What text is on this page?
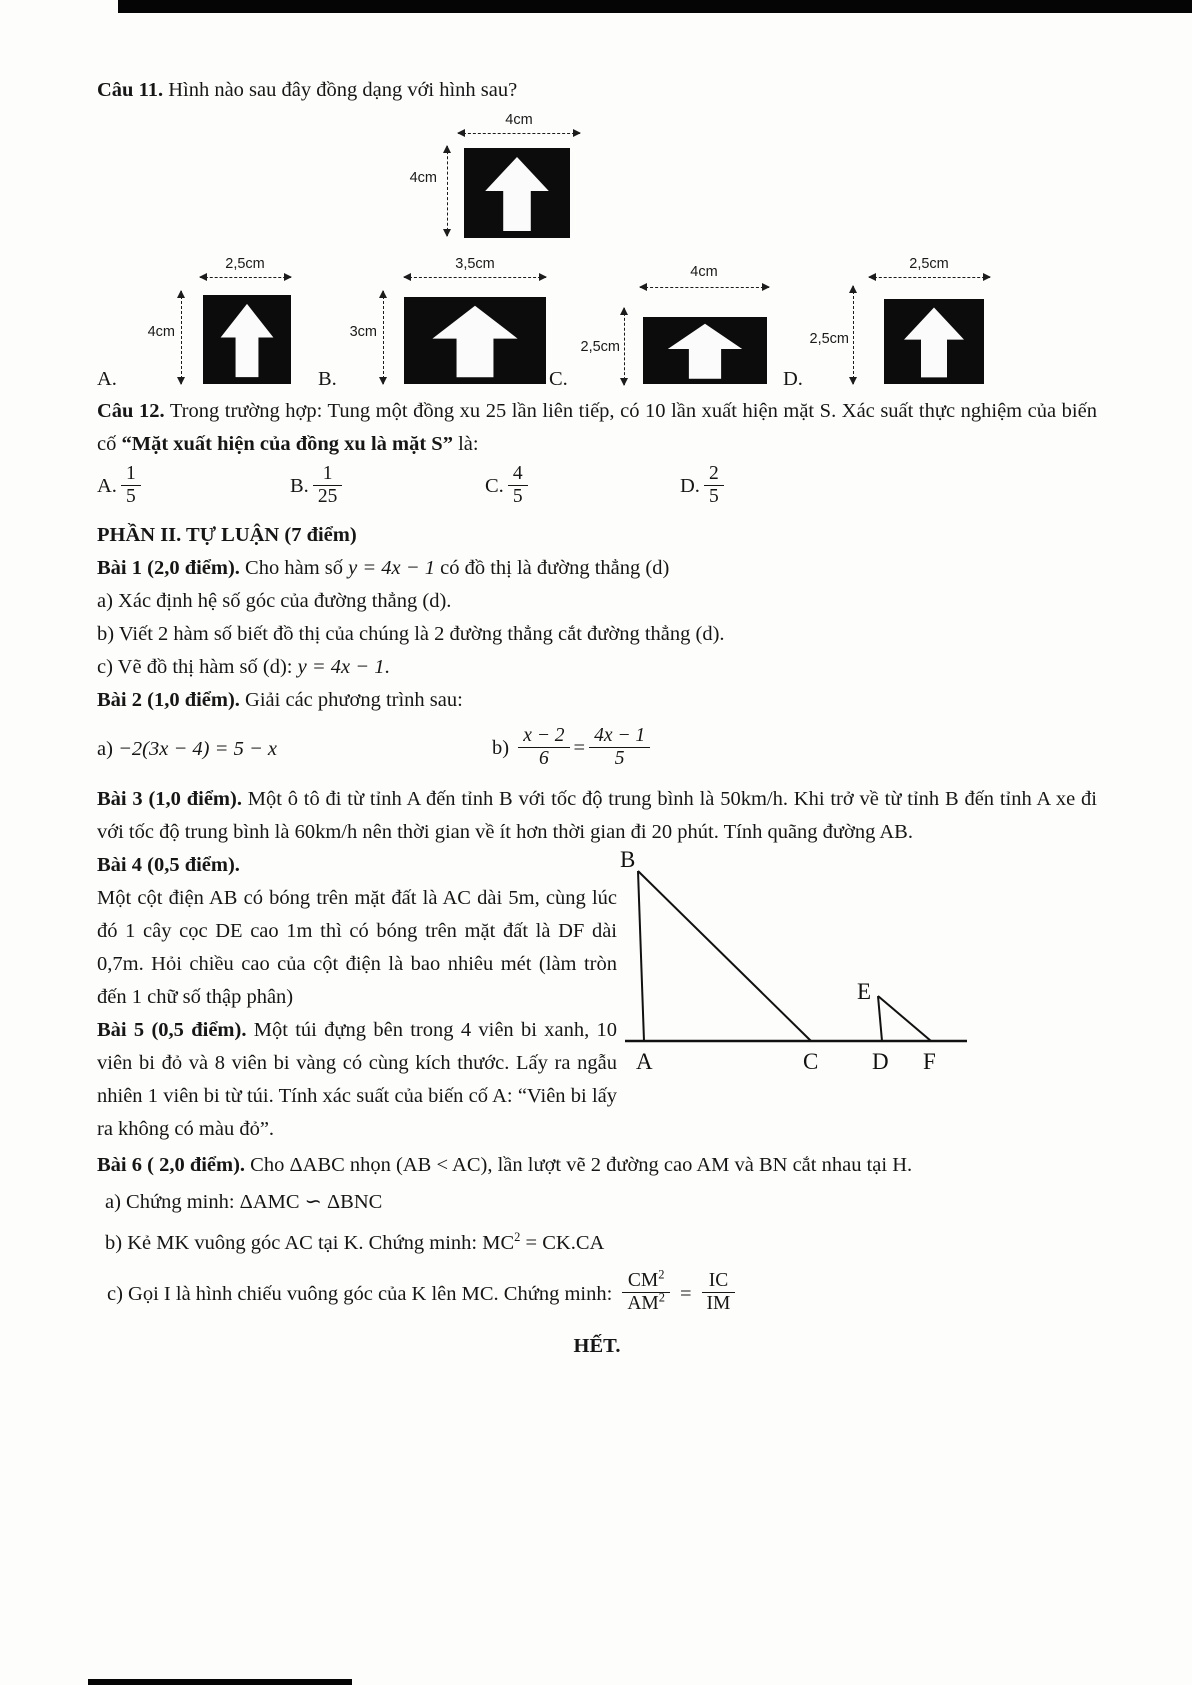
Câu 11. Hình nào sau đây đồng dạng với hình sau?

4cm
4cm
2,5cm
4cm
A.
3,5cm
3cm
B.
4cm
2,5cm
C.
2,5cm
2,5cm
D.

Câu 12. Trong trường hợp: Tung một đồng xu 25 lần liên tiếp, có 10 lần xuất hiện mặt S. Xác suất thực nghiệm của biến cố “Mặt xuất hiện của đồng xu là mặt S” là:

A. $\frac{1}{5}$	B. $\frac{1}{25}$	C. $\frac{4}{5}$	D. $\frac{2}{5}$

PHẦN II. TỰ LUẬN (7 điểm)

Bài 1 (2,0 điểm). Cho hàm số y = 4x − 1 có đồ thị là đường thẳng (d)

a) Xác định hệ số góc của đường thẳng (d).

b) Viết 2 hàm số biết đồ thị của chúng là 2 đường thẳng cắt đường thẳng (d).

c) Vẽ đồ thị hàm số (d): y = 4x − 1.

Bài 2 (1,0 điểm). Giải các phương trình sau:

a) −2(3x − 4) = 5 − x	$b) \frac{x - 2}{6} = \frac{4x - 1}{5}$

Bài 3 (1,0 điểm). Một ô tô đi từ tỉnh A đến tỉnh B với tốc độ trung bình là 50km/h. Khi trở về từ tỉnh B đến tỉnh A xe đi với tốc độ trung bình là 60km/h nên thời gian về ít hơn thời gian đi 20 phút. Tính quãng đường AB.

B
E
A	C D F

Bài 4 (0,5 điểm).

Một cột điện AB có bóng trên mặt đất là AC dài 5m, cùng lúc đó 1 cây cọc DE cao 1m thì có bóng trên mặt đất là DF dài 0,7m. Hỏi chiều cao của cột điện là bao nhiêu mét (làm tròn đến 1 chữ số thập phân)

Bài 5 (0,5 điểm). Một túi đựng bên trong 4 viên bi xanh, 10 viên bi đỏ và 8 viên bi vàng có cùng kích thước. Lấy ra ngẫu nhiên 1 viên bi từ túi. Tính xác suất của biến cố A: “Viên bi lấy ra không có màu đỏ”.

Bài 6 ( 2,0 điểm). Cho ΔABC nhọn (AB < AC), lần lượt vẽ 2 đường cao AM và BN cắt nhau tại H.

a) Chứng minh: ΔAMC ∽ ΔBNC

b) Kẻ MK vuông góc AC tại K. Chứng minh: $MC^2 = CK.CA$

c) Gọi I là hình chiếu vuông góc của K lên MC. Chứng minh: $\frac{CM^2}{AM^2} = \frac{IC}{IM}$

HẾT.
